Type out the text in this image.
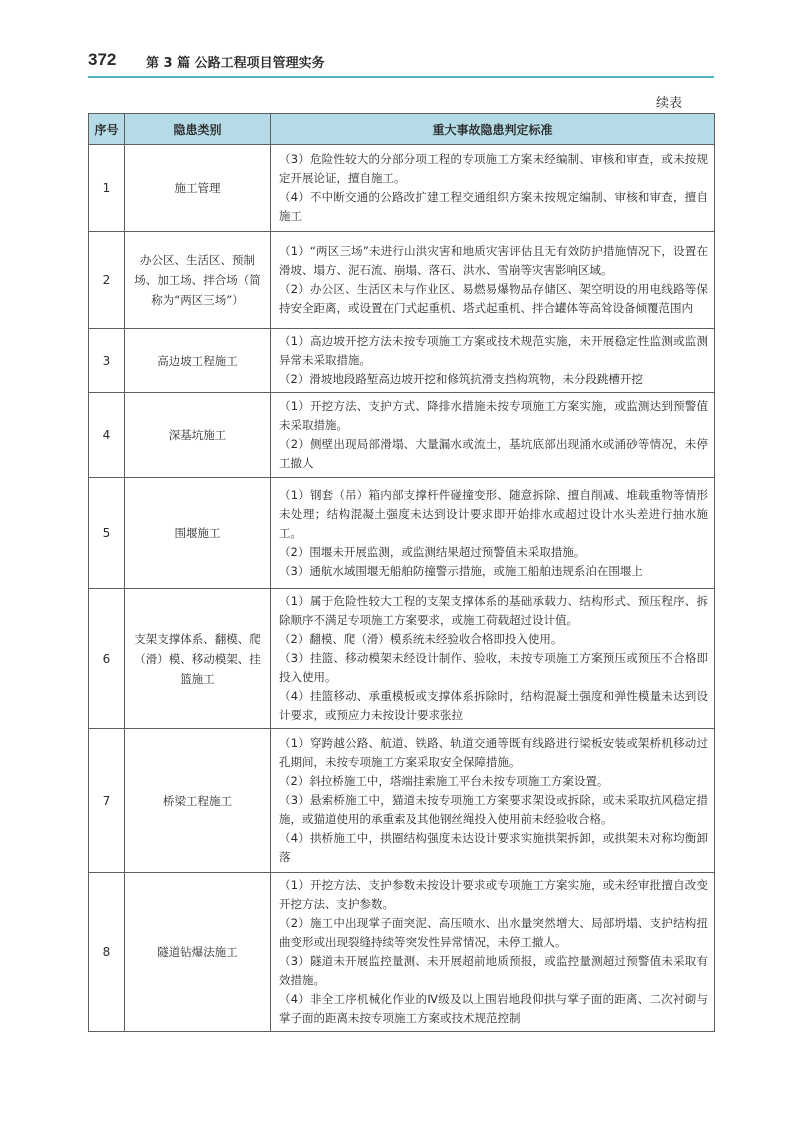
372 第 3 篇 公路工程项目管理实务
续表
序号	隐患类别	重大事故隐患判定标准
1	施工管理	（3）危险性较大的分部分项工程的专项施工方案未经编制、审核和审查，或未按规定开展论证，擅自施工。
（4）不中断交通的公路改扩建工程交通组织方案未按规定编制、审核和审查，擅自施工

2	办公区、生活区、预制场、加工场、拌合场（简称为“两区三场”）	（1）“两区三场”未进行山洪灾害和地质灾害评估且无有效防护措施情况下，设置在滑坡、塌方、泥石流、崩塌、落石、洪水、雪崩等灾害影响区域。
（2）办公区、生活区未与作业区、易燃易爆物品存储区、架空明设的用电线路等保持安全距离，或设置在门式起重机、塔式起重机、拌合罐体等高耸设备倾覆范围内

3	高边坡工程施工	（1）高边坡开挖方法未按专项施工方案或技术规范实施，未开展稳定性监测或监测异常未采取措施。
（2）滑坡地段路堑高边坡开挖和修筑抗滑支挡构筑物，未分段跳槽开挖

4	深基坑施工	（1）开挖方法、支护方式、降排水措施未按专项施工方案实施，或监测达到预警值未采取措施。
（2）侧壁出现局部滑塌、大量漏水或流土，基坑底部出现涌水或涌砂等情况，未停工撤人

5	围堰施工	（1）钢套（吊）箱内部支撑杆件碰撞变形、随意拆除、擅自削减、堆载重物等情形未处理；结构混凝土强度未达到设计要求即开始排水或超过设计水头差进行抽水施工。
（2）围堰未开展监测，或监测结果超过预警值未采取措施。
（3）通航水域围堰无船舶防撞警示措施，或施工船舶违规系泊在围堰上

6	支架支撑体系、翻模、爬（滑）模、移动模架、挂篮施工	（1）属于危险性较大工程的支架支撑体系的基础承载力、结构形式、预压程序、拆除顺序不满足专项施工方案要求，或施工荷载超过设计值。
（2）翻模、爬（滑）模系统未经验收合格即投入使用。
（3）挂篮、移动模架未经设计制作、验收，未按专项施工方案预压或预压不合格即投入使用。
（4）挂篮移动、承重模板或支撑体系拆除时，结构混凝土强度和弹性模量未达到设计要求，或预应力未按设计要求张拉

7	桥梁工程施工	（1）穿跨越公路、航道、铁路、轨道交通等既有线路进行梁板安装或架桥机移动过孔期间，未按专项施工方案采取安全保障措施。
（2）斜拉桥施工中，塔端挂索施工平台未按专项施工方案设置。
（3）悬索桥施工中，猫道未按专项施工方案要求架设或拆除，或未采取抗风稳定措施，或猫道使用的承重索及其他钢丝绳投入使用前未经验收合格。
（4）拱桥施工中，拱圈结构强度未达设计要求实施拱架拆卸，或拱架未对称均衡卸落

8	隧道钻爆法施工	（1）开挖方法、支护参数未按设计要求或专项施工方案实施，或未经审批擅自改变开挖方法、支护参数。
（2）施工中出现掌子面突泥、高压喷水、出水量突然增大、局部坍塌、支护结构扭曲变形或出现裂缝持续等突发性异常情况，未停工撤人。
（3）隧道未开展监控量测、未开展超前地质预报，或监控量测超过预警值未采取有效措施。
（4）非全工序机械化作业的Ⅳ级及以上围岩地段仰拱与掌子面的距离、二次衬砌与掌子面的距离未按专项施工方案或技术规范控制
